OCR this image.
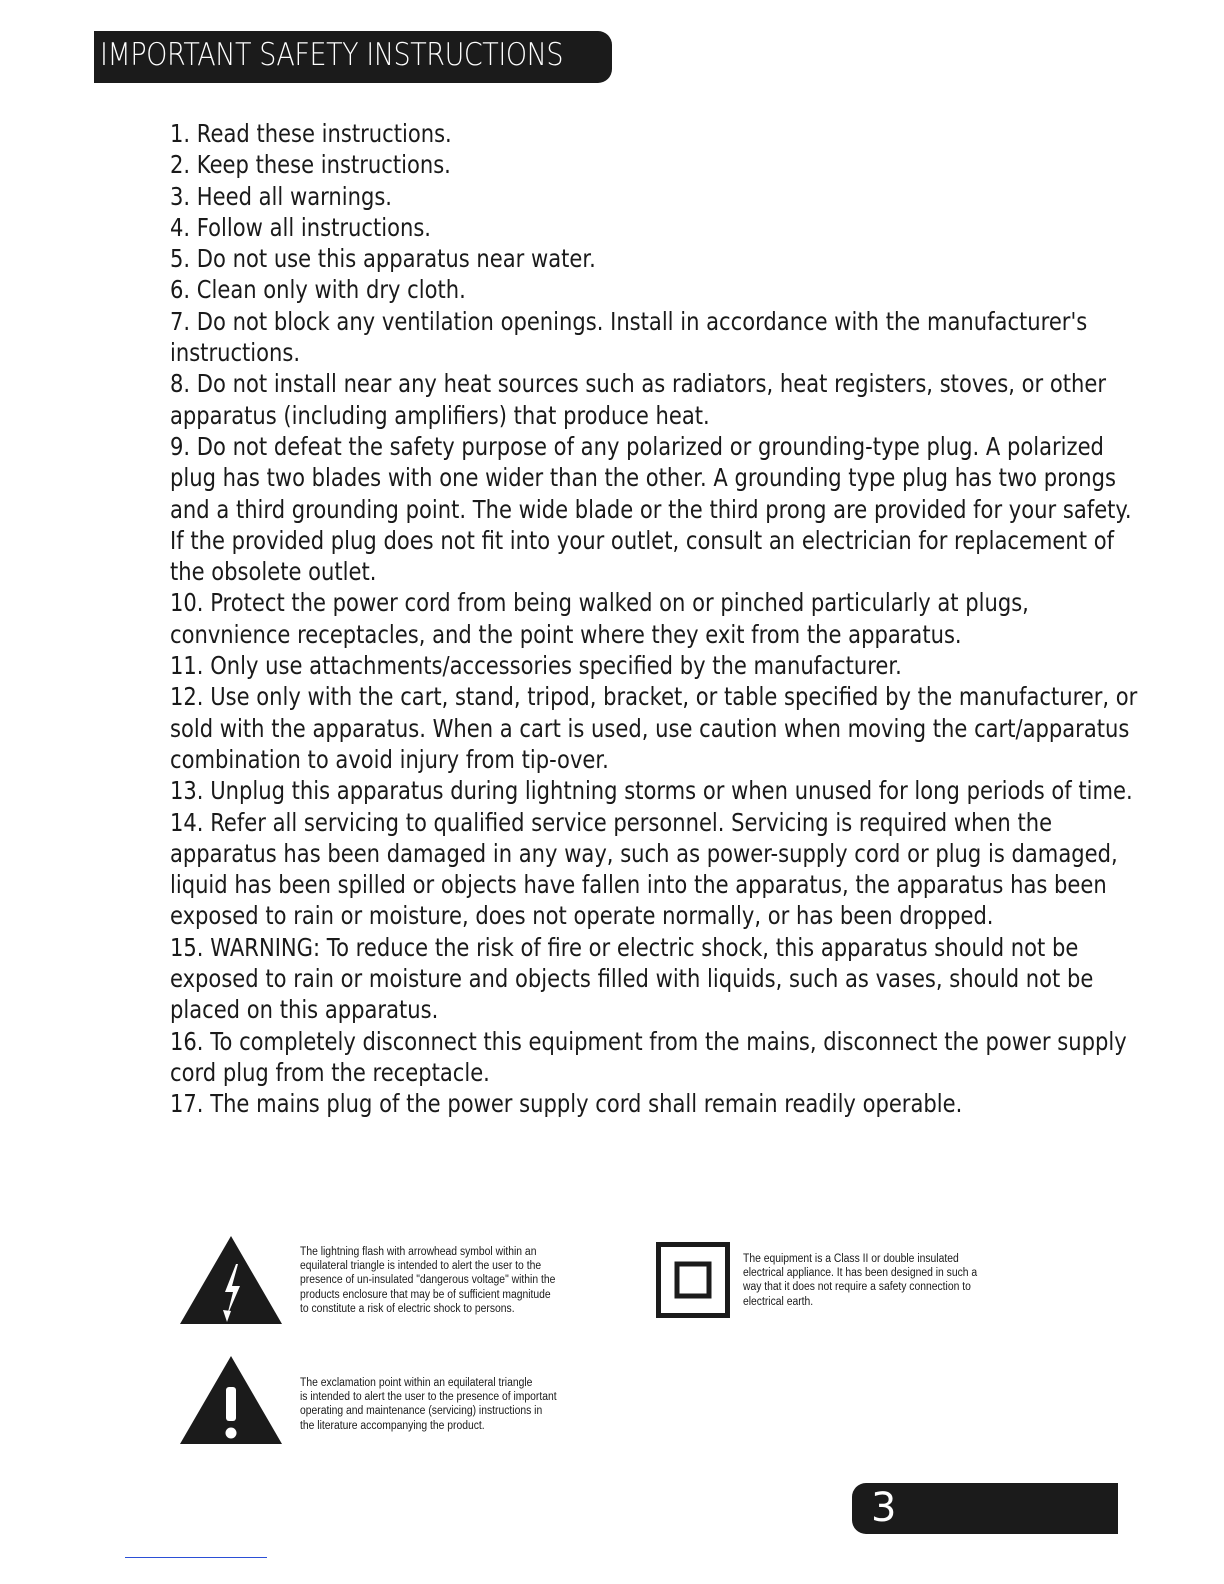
IMPORTANT SAFETY INSTRUCTIONS
1. Read these instructions.
2. Keep these instructions.
3. Heed all warnings.
4. Follow all instructions.
5. Do not use this apparatus near water.
6. Clean only with dry cloth.
7. Do not block any ventilation openings. Install in accordance with the manufacturer's
instructions.
8. Do not install near any heat sources such as radiators, heat registers, stoves, or other
apparatus (including amplifiers) that produce heat.
9. Do not defeat the safety purpose of any polarized or grounding-type plug. A polarized
plug has two blades with one wider than the other. A grounding type plug has two prongs
and a third grounding point. The wide blade or the third prong are provided for your safety.
If the provided plug does not fit into your outlet, consult an electrician for replacement of
the obsolete outlet.
10. Protect the power cord from being walked on or pinched particularly at plugs,
convnience receptacles, and the point where they exit from the apparatus.
11. Only use attachments/accessories specified by the manufacturer.
12. Use only with the cart, stand, tripod, bracket, or table specified by the manufacturer, or
sold with the apparatus. When a cart is used, use caution when moving the cart/apparatus
combination to avoid injury from tip-over.
13. Unplug this apparatus during lightning storms or when unused for long periods of time.
14. Refer all servicing to qualified service personnel. Servicing is required when the
apparatus has been damaged in any way, such as power-supply cord or plug is damaged,
liquid has been spilled or objects have fallen into the apparatus, the apparatus has been
exposed to rain or moisture, does not operate normally, or has been dropped.
15. WARNING: To reduce the risk of fire or electric shock, this apparatus should not be
exposed to rain or moisture and objects filled with liquids, such as vases, should not be
placed on this apparatus.
16. To completely disconnect this equipment from the mains, disconnect the power supply
cord plug from the receptacle.
17. The mains plug of the power supply cord shall remain readily operable.
The lightning flash with arrowhead symbol within an
equilateral triangle is intended to alert the user to the
presence of un-insulated "dangerous voltage" within the
products enclosure that may be of sufficient magnitude
to constitute a risk of electric shock to persons.
The equipment is a Class II or double insulated
electrical appliance. It has been designed in such a
way that it does not require a safety connection to
electrical earth.
The exclamation point within an equilateral triangle
is intended to alert the user to the presence of important
operating and maintenance (servicing) instructions in
the literature accompanying the product.
3
